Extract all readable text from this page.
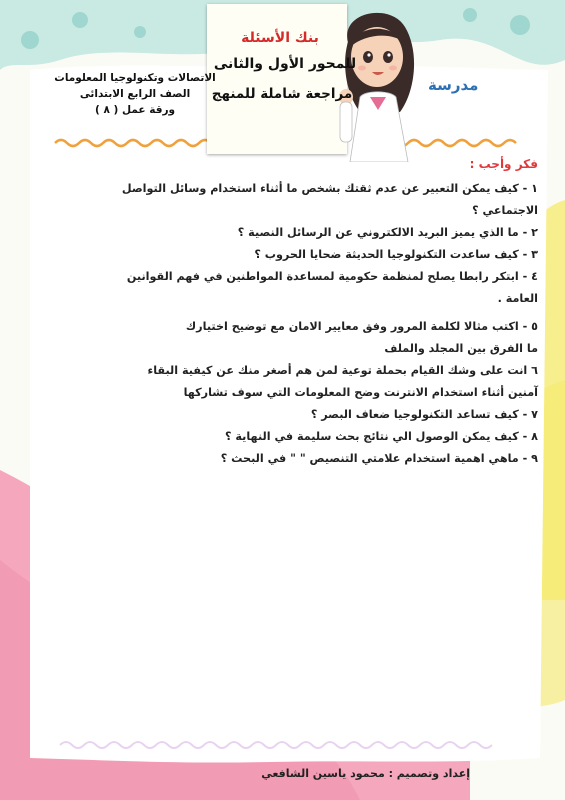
بنك الأسئلة
للمحور الأول والثانى
مراجعة شاملة للمنهج	مدرسة
الاتصالات وتكنولوجيا المعلومات
الصف الرابع الابتدائى
ورقة عمل ( ٨ )

فكر وأجب :

١ - كيف يمكن التعبير عن عدم ثقتك بشخص ما أثناء استخدام وسائل التواصل

الاجتماعي ؟

٢ - ما الذي يميز البريد الالكتروني عن الرسائل النصية ؟

٣ - كيف ساعدت التكنولوجيا الحديثة ضحايا الحروب ؟

٤ - ابتكر رابطا يصلح لمنظمة حكومية لمساعدة المواطنين في فهم القوانين

العامة .

٥ - اكتب مثالا لكلمة المرور وفق معايير الامان مع توضيح اختيارك

ما الفرق بين المجلد والملف

٦ انت على وشك القيام بحملة توعية لمن هم أصغر منك عن كيفية البقاء

آمنين أثناء استخدام الانترنت وضح المعلومات التي سوف تشاركها

٧ - كيف تساعد التكنولوجيا ضعاف البصر ؟

٨ - كيف يمكن الوصول الي نتائج بحث سليمة في النهاية ؟

٩ - ماهي اهمية استخدام علامتي التنصيص " " في البحث ؟

إعداد وتصميم : محمود ياسين الشافعي
